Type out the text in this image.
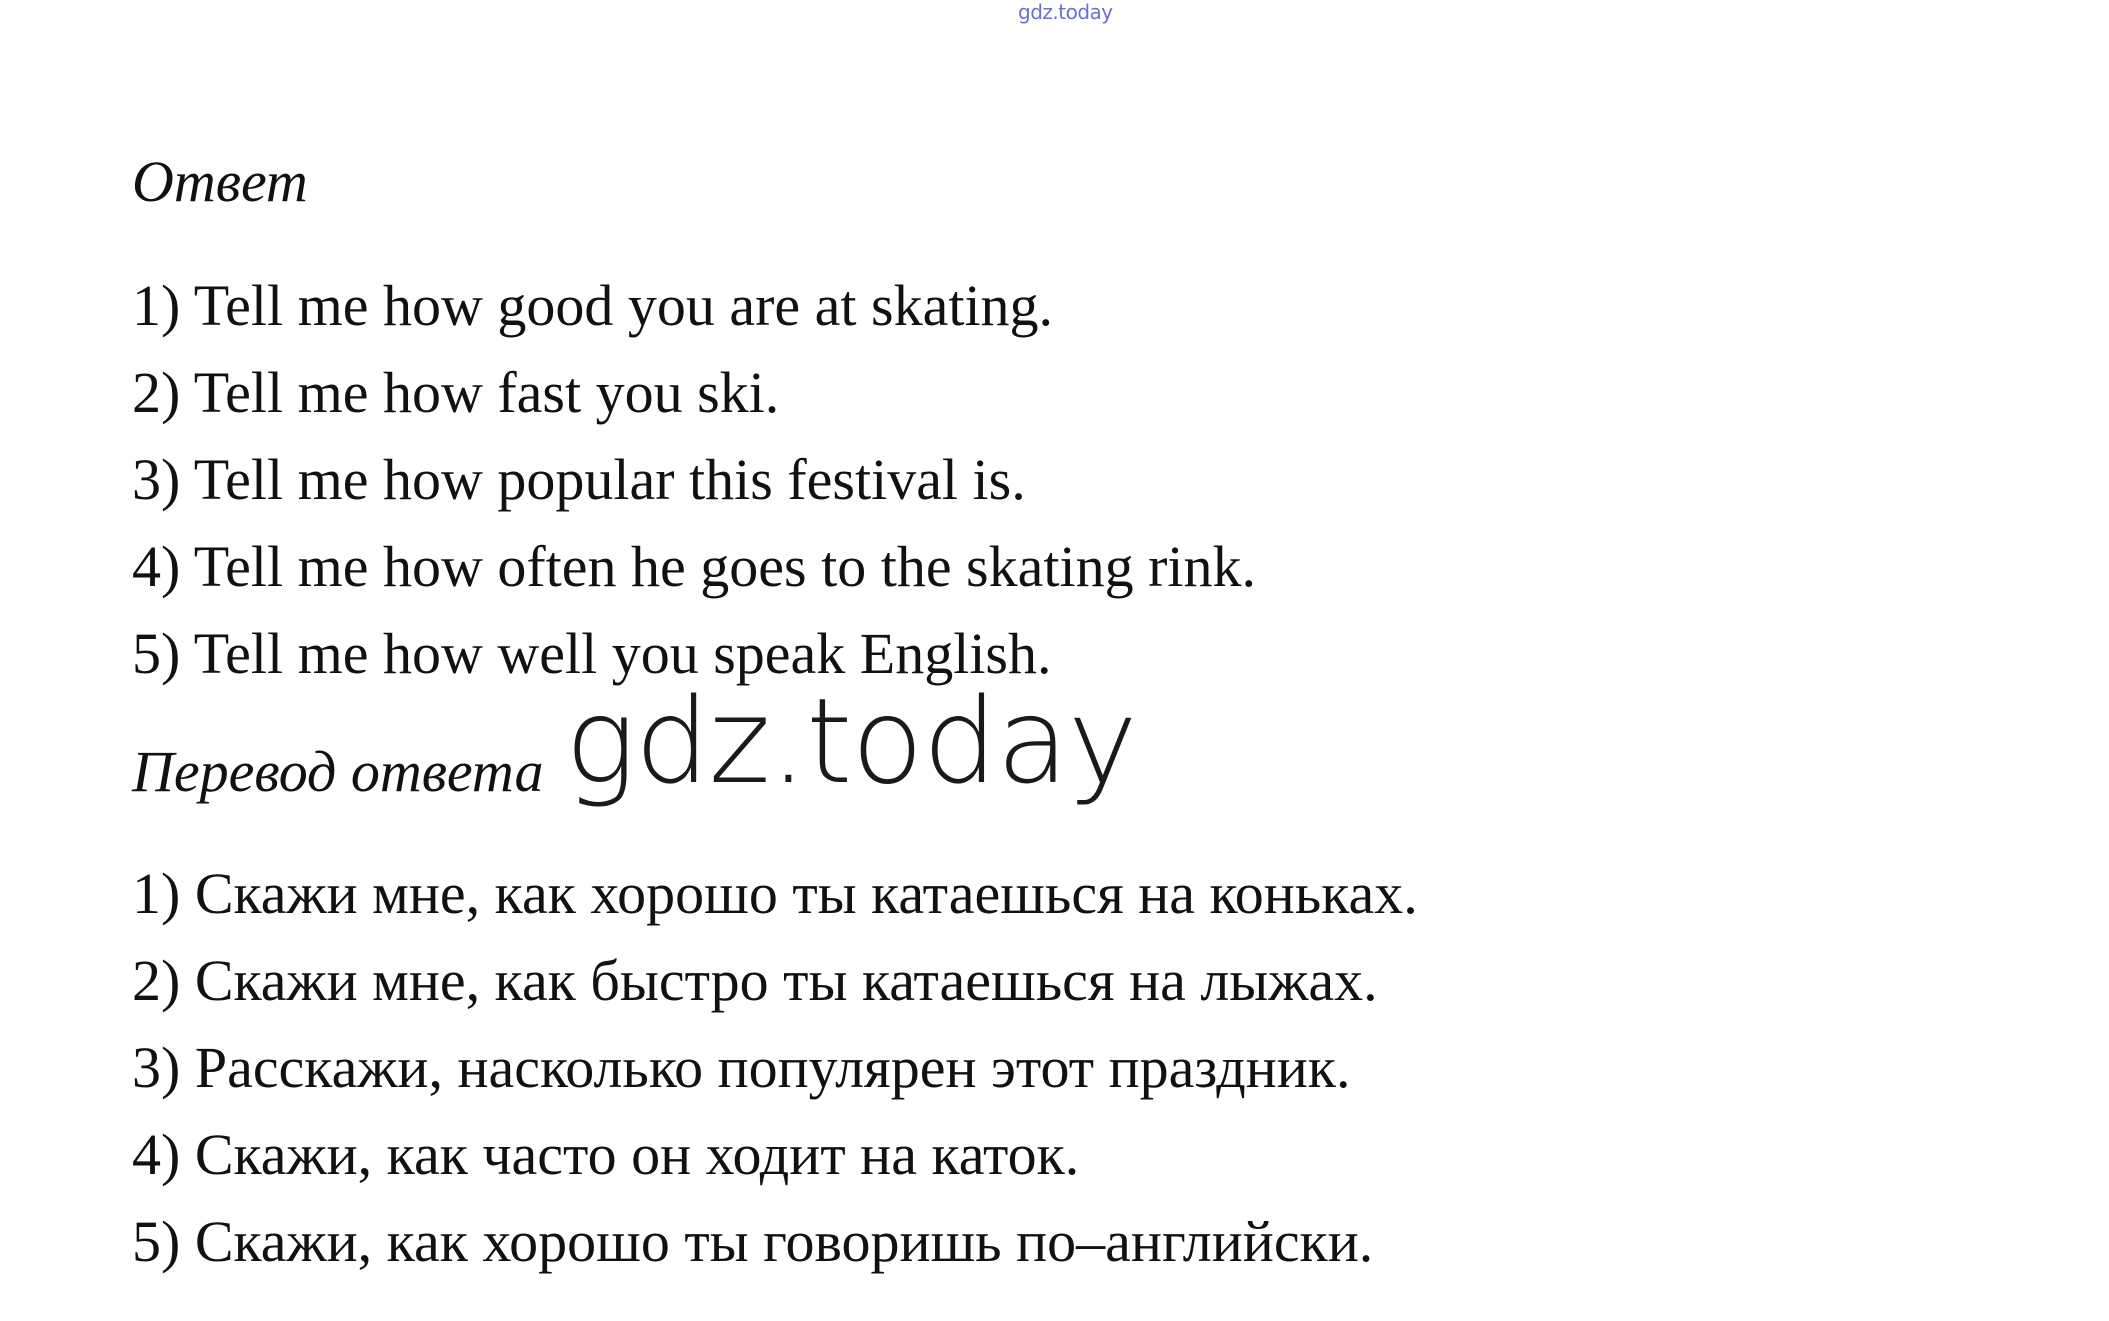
gdz.today
Ответ
1) Tell me how good you are at skating.
2) Tell me how fast you ski.
3) Tell me how popular this festival is.
4) Tell me how often he goes to the skating rink.
5) Tell me how well you speak English.
Перевод ответа gdz.today
1) Скажи мне, как хорошо ты катаешься на коньках.
2) Скажи мне, как быстро ты катаешься на лыжах.
3) Расскажи, насколько популярен этот праздник.
4) Скажи, как часто он ходит на каток.
5) Скажи, как хорошо ты говоришь по–английски.
